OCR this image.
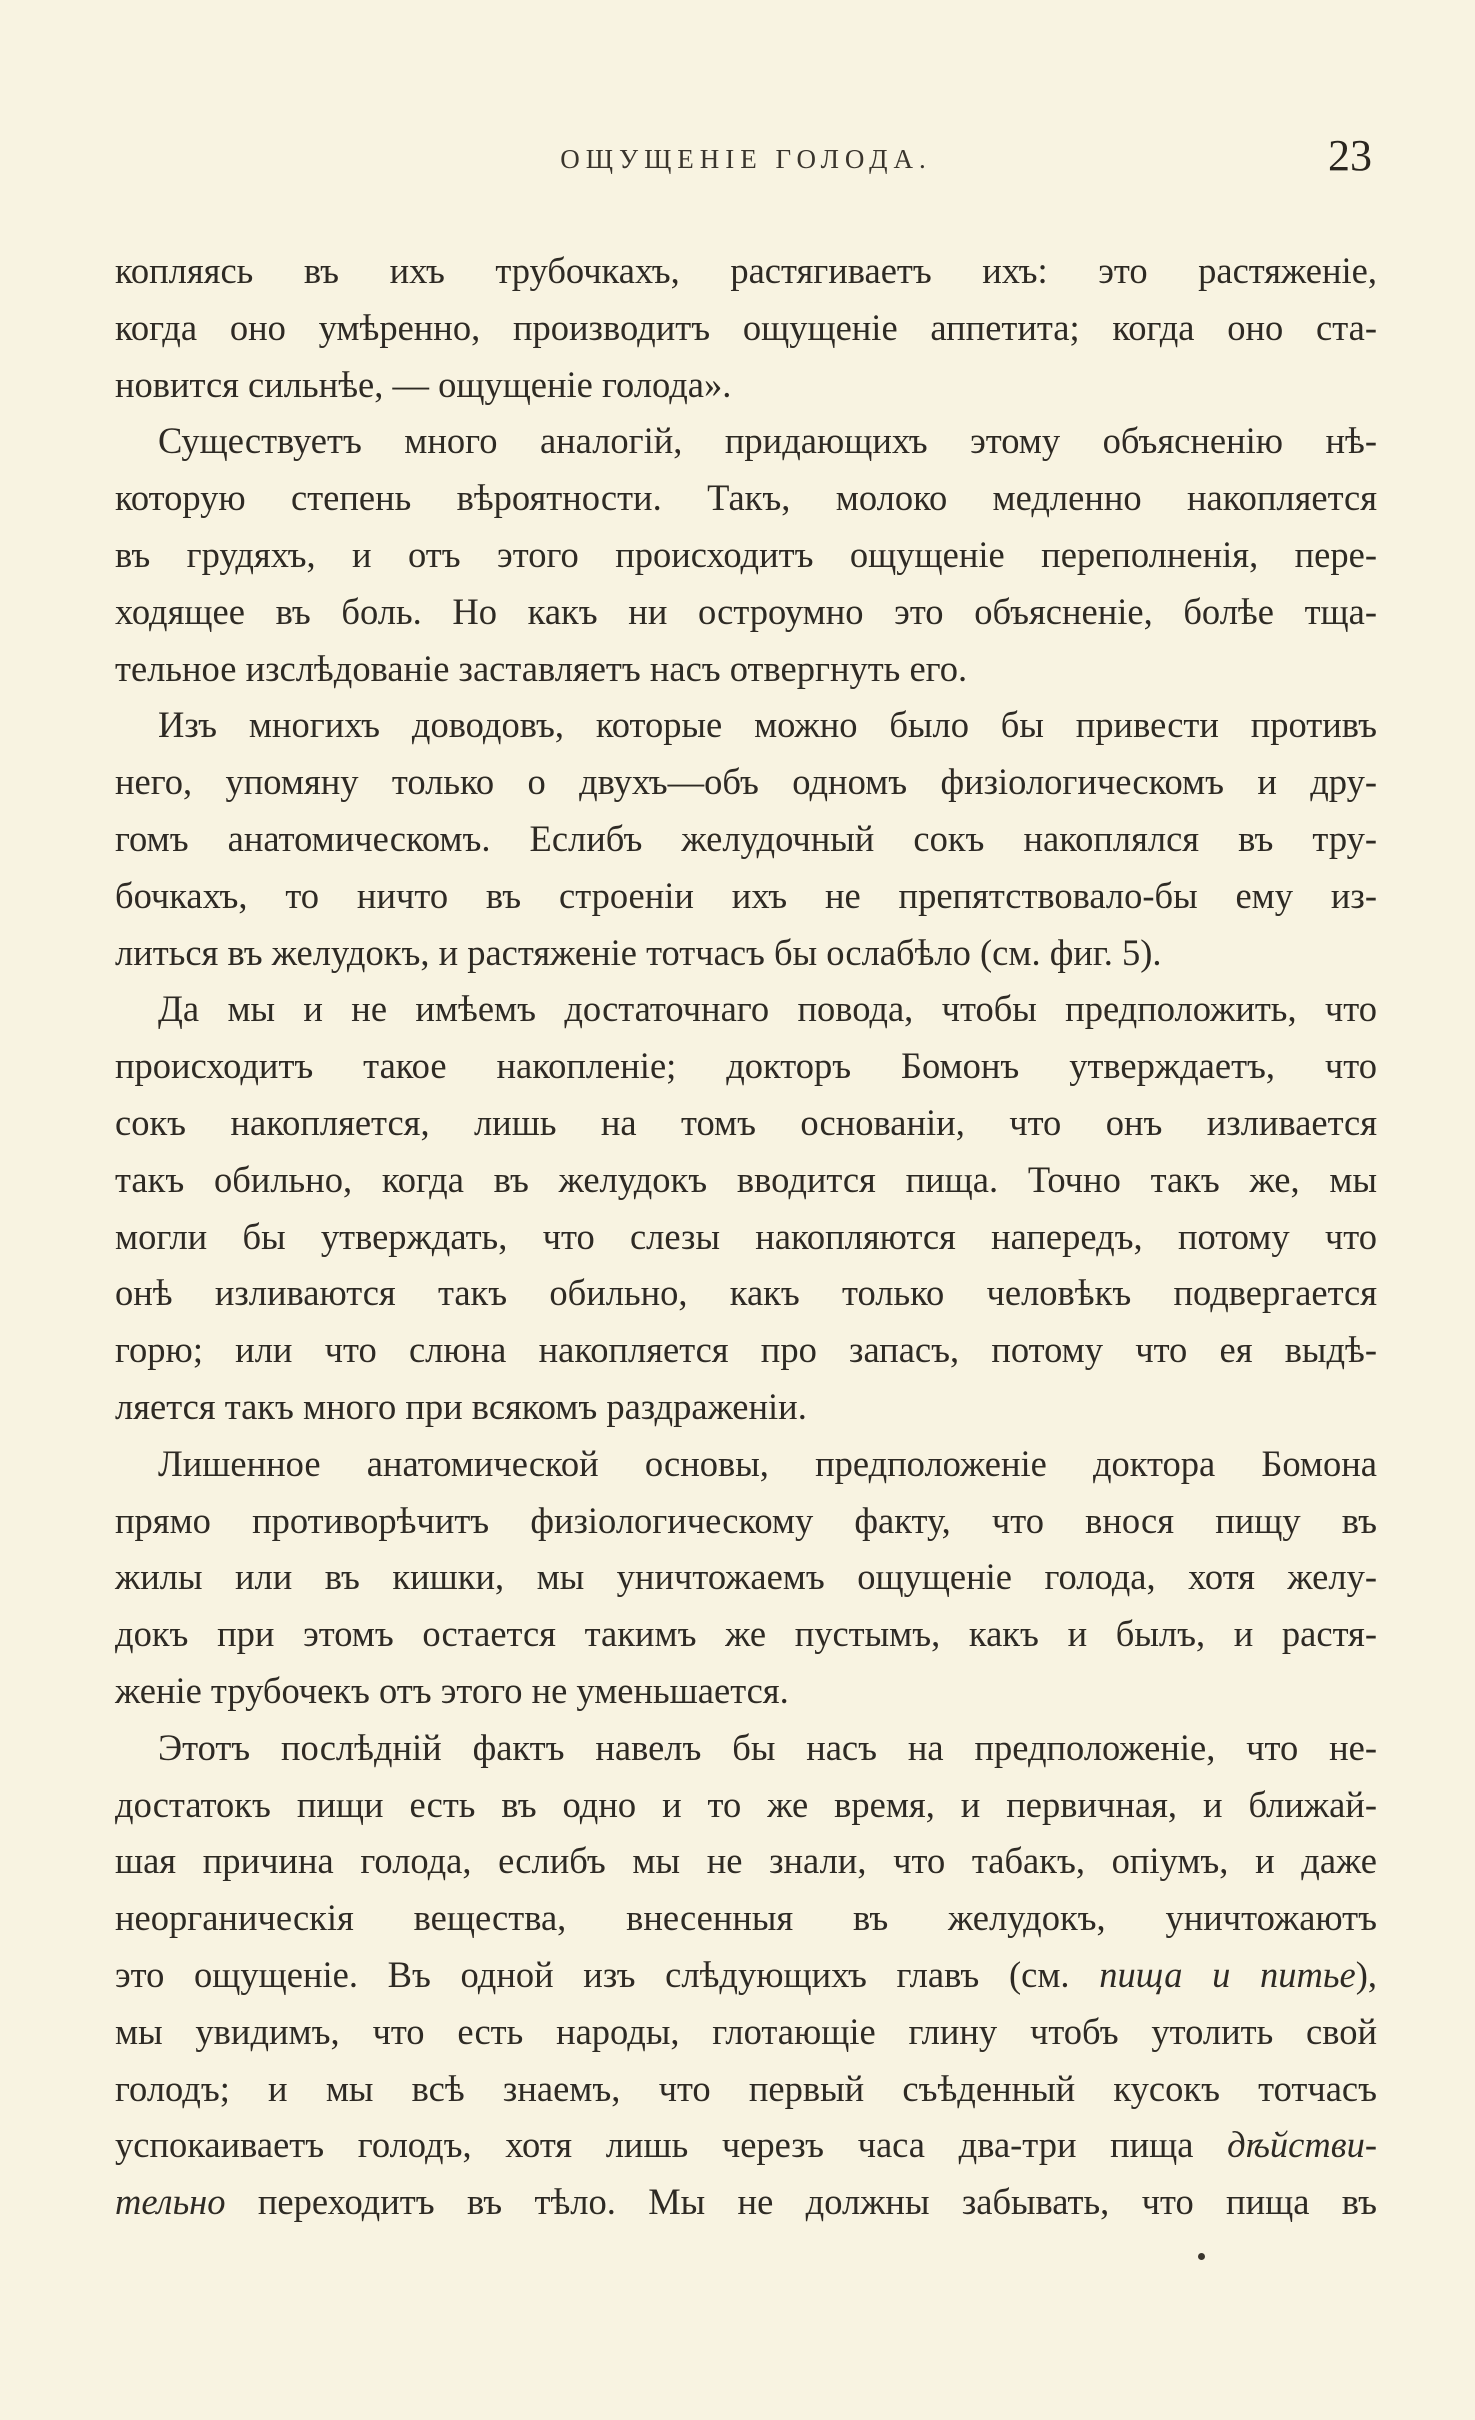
ОЩУЩЕНІЕ ГОЛОДА.	23
копляясь въ ихъ трубочкахъ, растягиваетъ ихъ: это растяженіе,
когда оно умѣренно, производитъ ощущеніе аппетита; когда оно ста-
новится сильнѣе, — ощущеніе голода».
Существуетъ много аналогій, придающихъ этому объясненію нѣ-
которую степень вѣроятности. Такъ, молоко медленно накопляется
въ грудяхъ, и отъ этого происходитъ ощущеніе переполненія, пере-
ходящее въ боль. Но какъ ни остроумно это объясненіе, болѣе тща-
тельное изслѣдованіе заставляетъ насъ отвергнуть его.
Изъ многихъ доводовъ, которые можно было бы привести противъ
него, упомяну только о двухъ—объ одномъ физіологическомъ и дру-
гомъ анатомическомъ. Еслибъ желудочный сокъ накоплялся въ тру-
бочкахъ, то ничто въ строеніи ихъ не препятствовало-бы ему из-
литься въ желудокъ, и растяженіе тотчасъ бы ослабѣло (см. фиг. 5).
Да мы и не имѣемъ достаточнаго повода, чтобы предположить, что
происходитъ такое накопленіе; докторъ Бомонъ утверждаетъ, что
сокъ накопляется, лишь на томъ основаніи, что онъ изливается
такъ обильно, когда въ желудокъ вводится пища. Точно такъ же, мы
могли бы утверждать, что слезы накопляются напередъ, потому что
онѣ изливаются такъ обильно, какъ только человѣкъ подвергается
горю; или что слюна накопляется про запасъ, потому что ея выдѣ-
ляется такъ много при всякомъ раздраженіи.
Лишенное анатомической основы, предположеніе доктора Бомона
прямо противорѣчитъ физіологическому факту, что внося пищу въ
жилы или въ кишки, мы уничтожаемъ ощущеніе голода, хотя желу-
докъ при этомъ остается такимъ же пустымъ, какъ и былъ, и растя-
женіе трубочекъ отъ этого не уменьшается.
Этотъ послѣдній фактъ навелъ бы насъ на предположеніе, что не-
достатокъ пищи есть въ одно и то же время, и первичная, и ближай-
шая причина голода, еслибъ мы не знали, что табакъ, опіумъ, и даже
неорганическія вещества, внесенныя въ желудокъ, уничтожаютъ
это ощущеніе. Въ одной изъ слѣдующихъ главъ (см. пища и питье),
мы увидимъ, что есть народы, глотающіе глину чтобъ утолить свой
голодъ; и мы всѣ знаемъ, что первый съѣденный кусокъ тотчасъ
успокаиваетъ голодъ, хотя лишь черезъ часа два-три пища дѣйстви-
тельно переходитъ въ тѣло. Мы не должны забывать, что пища въ
